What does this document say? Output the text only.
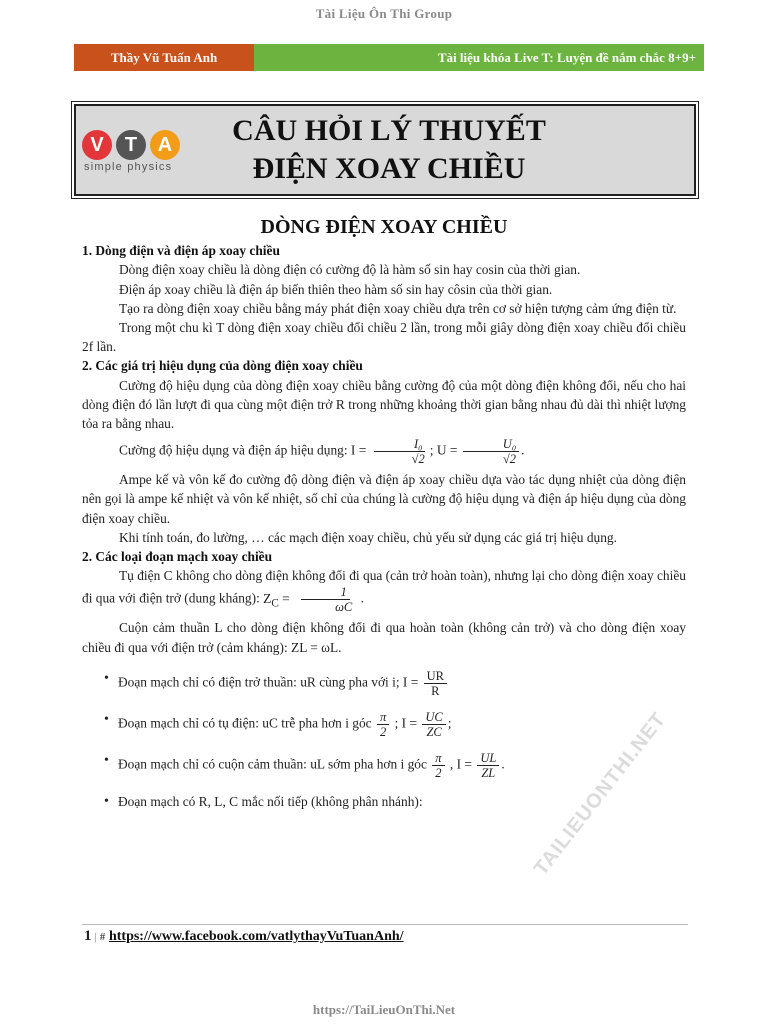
Tài Liệu Ôn Thi Group
Thầy Vũ Tuấn Anh	Tài liệu khóa Live T: Luyện đề nắm chắc 8+9+
V	T	A
simple physics
CÂU HỎI LÝ THUYẾT
ĐIỆN XOAY CHIỀU
DÒNG ĐIỆN XOAY CHIỀU
1. Dòng điện và điện áp xoay chiều
Dòng điện xoay chiều là dòng điện có cường độ là hàm số sin hay cosin của thời gian.
Điện áp xoay chiều là điện áp biến thiên theo hàm số sin hay côsin của thời gian.
Tạo ra dòng điện xoay chiều bằng máy phát điện xoay chiều dựa trên cơ sở hiện tượng cảm ứng điện từ.
Trong một chu kì T dòng điện xoay chiều đổi chiều 2 lần, trong mỗi giây dòng điện xoay chiều đổi chiều 2f lần.
2. Các giá trị hiệu dụng của dòng điện xoay chiều
Cường độ hiệu dụng của dòng điện xoay chiều bằng cường độ của một dòng điện không đổi, nếu cho hai dòng điện đó lần lượt đi qua cùng một điện trở R trong những khoảng thời gian bằng nhau đủ dài thì nhiệt lượng tỏa ra bằng nhau.
Cường độ hiệu dụng và điện áp hiệu dụng: $I = \frac{\text{I₀}}{√2}$ ; $U = \frac{\text{U₀}}{√2}$ .
Ampe kế và vôn kế đo cường độ dòng điện và điện áp xoay chiều dựa vào tác dụng nhiệt của dòng điện nên gọi là ampe kế nhiệt và vôn kế nhiệt, số chỉ của chúng là cường độ hiệu dụng và điện áp hiệu dụng của dòng điện xoay chiều.
Khi tính toán, đo lường, … các mạch điện xoay chiều, chủ yếu sử dụng các giá trị hiệu dụng.
2. Các loại đoạn mạch xoay chiều
Tụ điện C không cho dòng điện không đổi đi qua (cản trở hoàn toàn), nhưng lại cho dòng điện xoay chiều đi qua với điện trở (dung kháng): $Z_C = \frac{1}{\omega C}$ .
Cuộn cảm thuần L cho dòng điện không đổi đi qua hoàn toàn (không cản trở) và cho dòng điện xoay chiều đi qua với điện trở (cảm kháng): ZL = ωL.
• Đoạn mạch chỉ có điện trở thuần: uR cùng pha với i; $I = \frac{UR}{R}$
• Đoạn mạch chỉ có tụ điện: uC trễ pha hơn i góc $\frac{\pi}{2}$ ; $I = \frac{UC}{ZC}$ ;
• Đoạn mạch chỉ có cuộn cảm thuần: uL sớm pha hơn i góc $\frac{\pi}{2}$ , $I = \frac{UL}{ZL}$ .
• Đoạn mạch có R, L, C mắc nối tiếp (không phân nhánh):
1 | # https://www.facebook.com/vatlythayVuTuanAnh/
TAILIEUONTHI.NET
https://TaiLieuOnThi.Net
